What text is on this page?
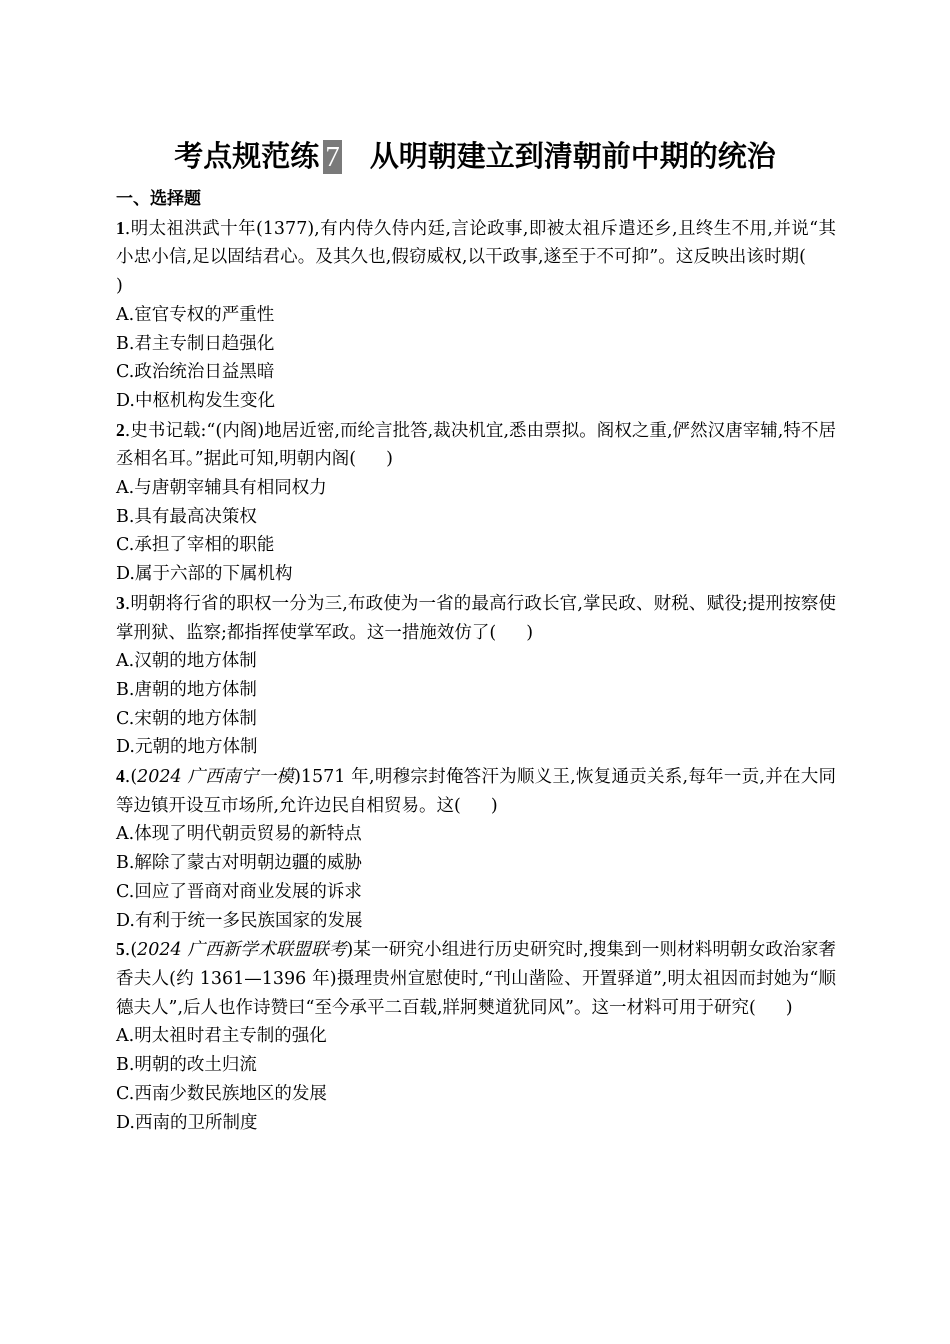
考点规范练 7 从明朝建立到清朝前中期的统治
一、选择题
1.明太祖洪武十年(1377),有内侍久侍内廷,言论政事,即被太祖斥遣还乡,且终生不用,并说“其小忠小信,足以固结君心。及其久也,假窃威权,以干政事,遂至于不可抑”。这反映出该时期()
A.宦官专权的严重性
B.君主专制日趋强化
C.政治统治日益黑暗
D.中枢机构发生变化
2.史书记载:“(内阁)地居近密,而纶言批答,裁决机宜,悉由票拟。阁权之重,俨然汉唐宰辅,特不居丞相名耳。”据此可知,明朝内阁( )
A.与唐朝宰辅具有相同权力
B.具有最高决策权
C.承担了宰相的职能
D.属于六部的下属机构
3.明朝将行省的职权一分为三,布政使为一省的最高行政长官,掌民政、财税、赋役;提刑按察使掌刑狱、监察;都指挥使掌军政。这一措施效仿了( )
A.汉朝的地方体制
B.唐朝的地方体制
C.宋朝的地方体制
D.元朝的地方体制
4.(2024 广西南宁一模)1571 年,明穆宗封俺答汗为顺义王,恢复通贡关系,每年一贡,并在大同等边镇开设互市场所,允许边民自相贸易。这( )
A.体现了明代朝贡贸易的新特点
B.解除了蒙古对明朝边疆的威胁
C.回应了晋商对商业发展的诉求
D.有利于统一多民族国家的发展
5.(2024 广西新学术联盟联考)某一研究小组进行历史研究时,搜集到一则材料明朝女政治家奢香夫人(约 1361—1396 年)摄理贵州宣慰使时,“刊山凿险、开置驿道”,明太祖因而封她为“顺德夫人”,后人也作诗赞曰“至今承平二百载,牂牁僰道犹同风”。这一材料可用于研究( )
A.明太祖时君主专制的强化
B.明朝的改土归流
C.西南少数民族地区的发展
D.西南的卫所制度
